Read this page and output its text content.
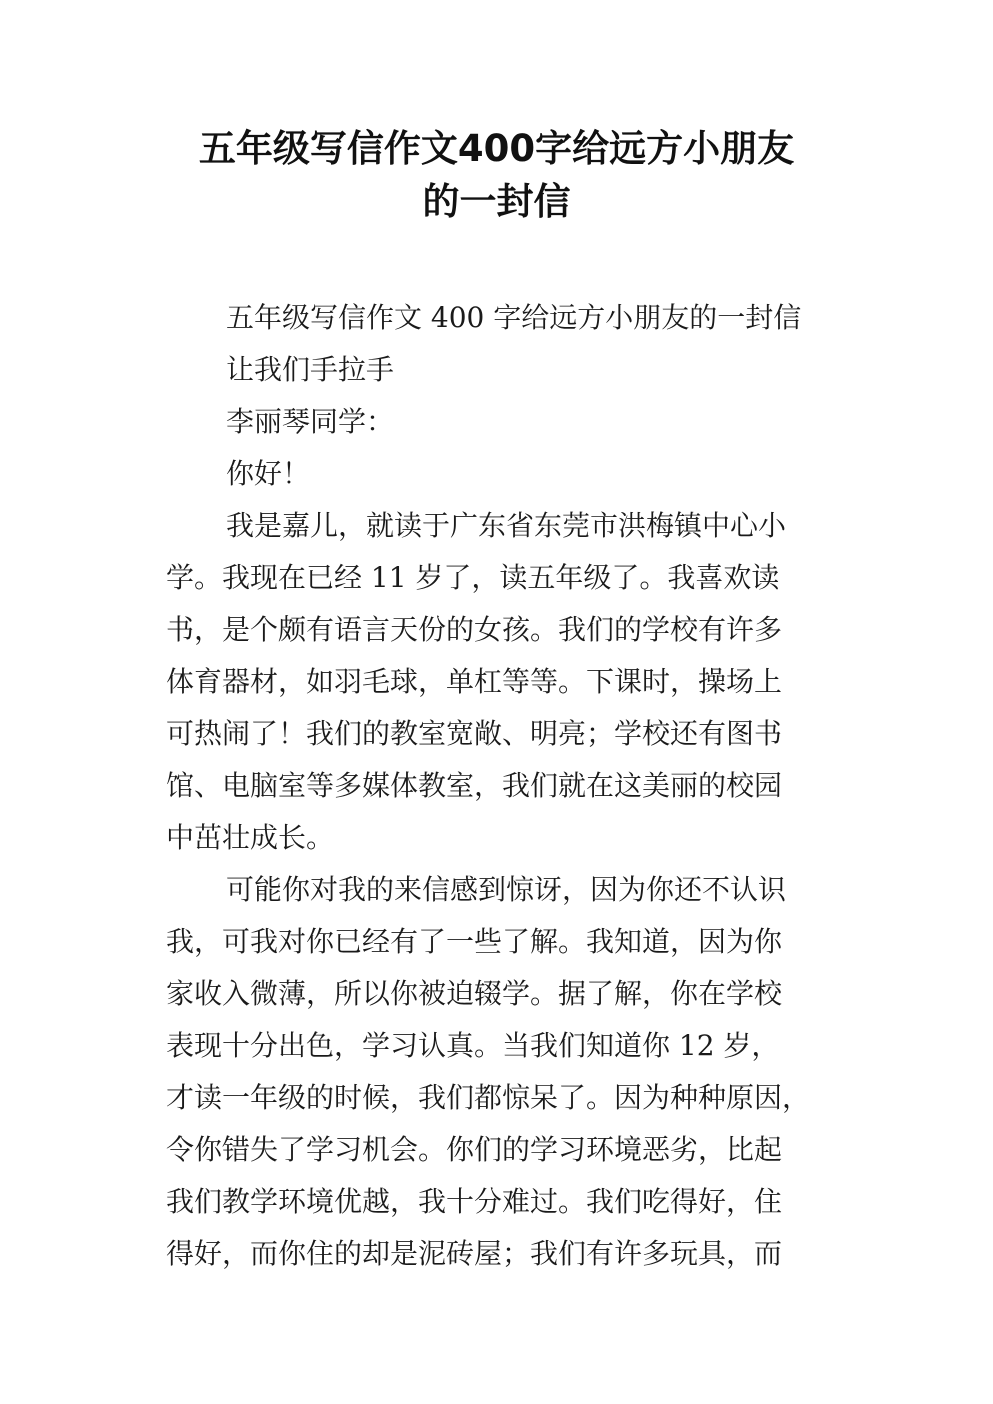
五年级写信作文400字给远方小朋友
的一封信
五年级写信作文 400 字给远方小朋友的一封信
让我们手拉手
李丽琴同学：
你好！
我是嘉儿，就读于广东省东莞市洪梅镇中心小
学。我现在已经 11 岁了，读五年级了。我喜欢读
书，是个颇有语言天份的女孩。我们的学校有许多
体育器材，如羽毛球，单杠等等。下课时，操场上
可热闹了！我们的教室宽敞、明亮；学校还有图书
馆、电脑室等多媒体教室，我们就在这美丽的校园
中茁壮成长。
可能你对我的来信感到惊讶，因为你还不认识
我，可我对你已经有了一些了解。我知道，因为你
家收入微薄，所以你被迫辍学。据了解，你在学校
表现十分出色，学习认真。当我们知道你 12 岁，
才读一年级的时候，我们都惊呆了。因为种种原因，
令你错失了学习机会。你们的学习环境恶劣，比起
我们教学环境优越，我十分难过。我们吃得好，住
得好，而你住的却是泥砖屋；我们有许多玩具，而
